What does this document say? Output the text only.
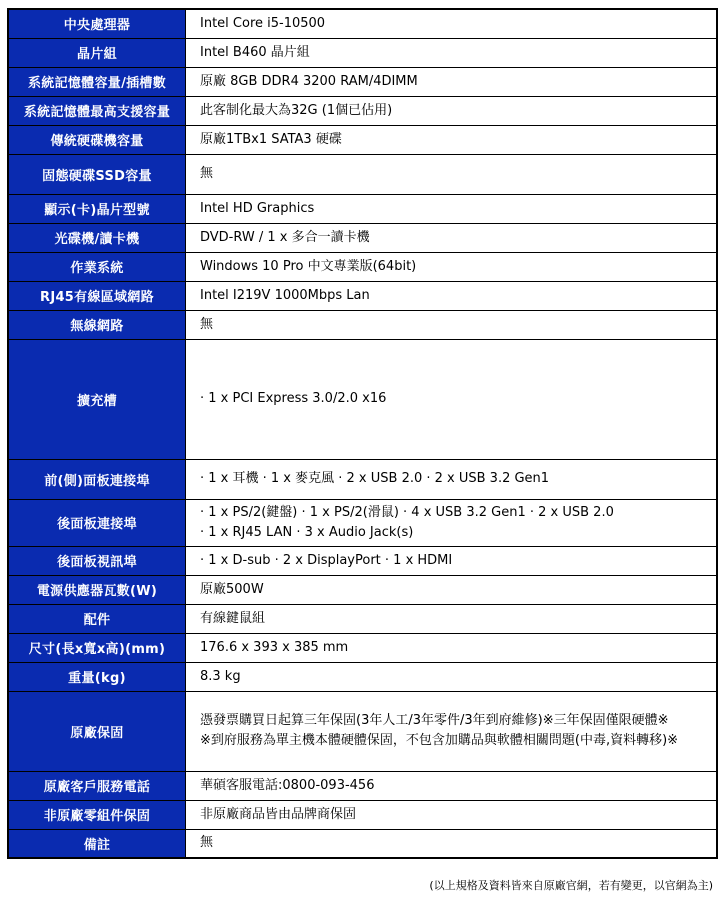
中央處理器	Intel Core i5-10500

晶片組	Intel B460 晶片組

系統記憶體容量/插槽數	原廠 8GB DDR4 3200 RAM/4DIMM

系統記憶體最高支援容量	此客制化最大為32G (1個已佔用)

傳統硬碟機容量	原廠1TBx1 SATA3 硬碟

固態硬碟SSD容量	無

顯示(卡)晶片型號	Intel HD Graphics

光碟機/讀卡機	DVD-RW / 1 x 多合一讀卡機

作業系統	Windows 10 Pro 中文專業版(64bit)

RJ45有線區域網路	Intel I219V 1000Mbps Lan

無線網路	無

擴充槽	· 1 x PCI Express 3.0/2.0 x16

前(側)面板連接埠	· 1 x 耳機 · 1 x 麥克風 · 2 x USB 2.0 · 2 x USB 3.2 Gen1

後面板連接埠	· 1 x PS/2(鍵盤) · 1 x PS/2(滑鼠) · 4 x USB 3.2 Gen1 · 2 x USB 2.0
· 1 x RJ45 LAN · 3 x Audio Jack(s)

後面板視訊埠	· 1 x D-sub · 2 x DisplayPort · 1 x HDMI

電源供應器瓦數(W)	原廠500W

配件	有線鍵鼠組

尺寸(長x寬x高)(mm)	176.6 x 393 x 385 mm

重量(kg)	8.3 kg

原廠保固	憑發票購買日起算三年保固(3年人工/3年零件/3年到府維修)※三年保固僅限硬體※
※到府服務為單主機本體硬體保固，不包含加購品與軟體相關問題(中毒,資料轉移)※

原廠客戶服務電話	華碩客服電話:0800-093-456

非原廠零組件保固	非原廠商品皆由品牌商保固

備註	無
(以上規格及資料皆來自原廠官網，若有變更，以官網為主)
